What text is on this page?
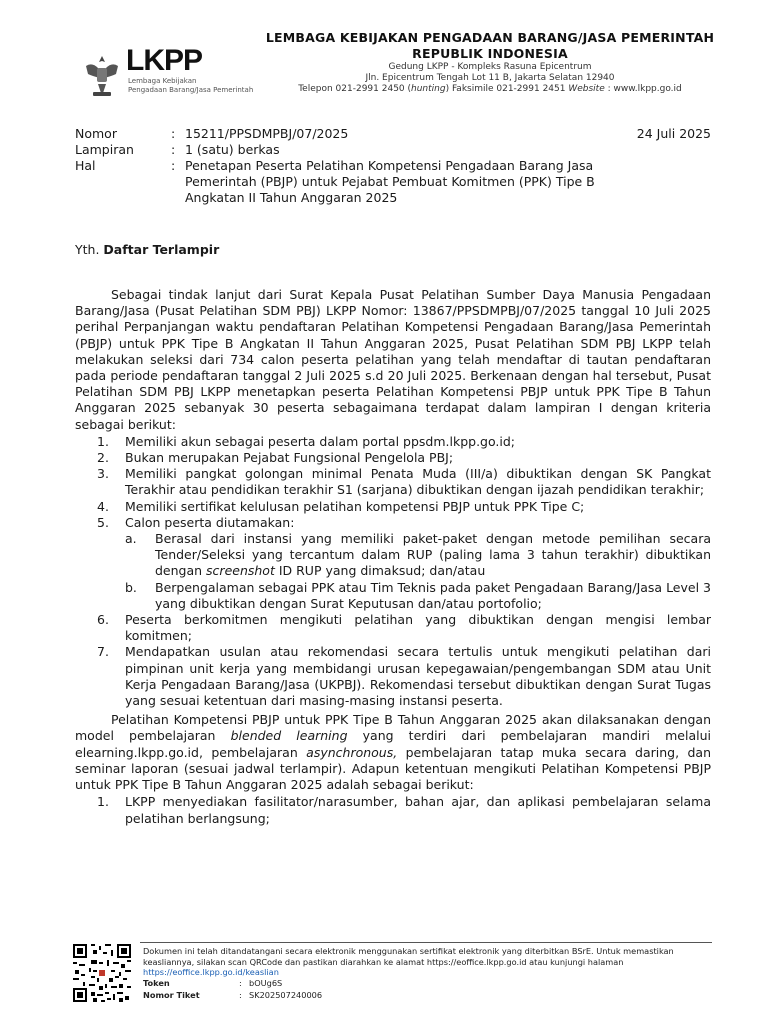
LKPP
Lembaga Kebijakan
Pengadaan Barang/Jasa Pemerintah
LEMBAGA KEBIJAKAN PENGADAAN BARANG/JASA PEMERINTAH
REPUBLIK INDONESIA
Gedung LKPP - Kompleks Rasuna Epicentrum
Jln. Epicentrum Tengah Lot 11 B, Jakarta Selatan 12940
Telepon 021-2991 2450 (hunting) Faksimile 021-2991 2451 Website : www.lkpp.go.id
Nomor	: 15211/PPSDMPBJ/07/2025	24 Juli 2025
Lampiran	: 1 (satu) berkas
Hal	: Penetapan Peserta Pelatihan Kompetensi Pengadaan Barang Jasa Pemerintah (PBJP) untuk Pejabat Pembuat Komitmen (PPK) Tipe B Angkatan II Tahun Anggaran 2025
Yth. Daftar Terlampir

Sebagai tindak lanjut dari Surat Kepala Pusat Pelatihan Sumber Daya Manusia Pengadaan Barang/Jasa (Pusat Pelatihan SDM PBJ) LKPP Nomor: 13867/PPSDMPBJ/07/2025 tanggal 10 Juli 2025 perihal Perpanjangan waktu pendaftaran Pelatihan Kompetensi Pengadaan Barang/Jasa Pemerintah (PBJP) untuk PPK Tipe B Angkatan II Tahun Anggaran 2025, Pusat Pelatihan SDM PBJ LKPP telah melakukan seleksi dari 734 calon peserta pelatihan yang telah mendaftar di tautan pendaftaran pada periode pendaftaran tanggal 2 Juli 2025 s.d 20 Juli 2025. Berkenaan dengan hal tersebut, Pusat Pelatihan SDM PBJ LKPP menetapkan peserta Pelatihan Kompetensi PBJP untuk PPK Tipe B Tahun Anggaran 2025 sebanyak 30 peserta sebagaimana terdapat dalam lampiran I dengan kriteria sebagai berikut:

1. Memiliki akun sebagai peserta dalam portal ppsdm.lkpp.go.id;
2. Bukan merupakan Pejabat Fungsional Pengelola PBJ;
3. Memiliki pangkat golongan minimal Penata Muda (III/a) dibuktikan dengan SK Pangkat Terakhir atau pendidikan terakhir S1 (sarjana) dibuktikan dengan ijazah pendidikan terakhir;
4. Memiliki sertifikat kelulusan pelatihan kompetensi PBJP untuk PPK Tipe C;
5. Calon peserta diutamakan:
a. Berasal dari instansi yang memiliki paket-paket dengan metode pemilihan secara Tender/Seleksi yang tercantum dalam RUP (paling lama 3 tahun terakhir) dibuktikan dengan screenshot ID RUP yang dimaksud; dan/atau
b. Berpengalaman sebagai PPK atau Tim Teknis pada paket Pengadaan Barang/Jasa Level 3 yang dibuktikan dengan Surat Keputusan dan/atau portofolio;
6. Peserta berkomitmen mengikuti pelatihan yang dibuktikan dengan mengisi lembar komitmen;
7. Mendapatkan usulan atau rekomendasi secara tertulis untuk mengikuti pelatihan dari pimpinan unit kerja yang membidangi urusan kepegawaian/pengembangan SDM atau Unit Kerja Pengadaan Barang/Jasa (UKPBJ). Rekomendasi tersebut dibuktikan dengan Surat Tugas yang sesuai ketentuan dari masing-masing instansi peserta.

Pelatihan Kompetensi PBJP untuk PPK Tipe B Tahun Anggaran 2025 akan dilaksanakan dengan model pembelajaran blended learning yang terdiri dari pembelajaran mandiri melalui elearning.lkpp.go.id, pembelajaran asynchronous, pembelajaran tatap muka secara daring, dan seminar laporan (sesuai jadwal terlampir). Adapun ketentuan mengikuti Pelatihan Kompetensi PBJP untuk PPK Tipe B Tahun Anggaran 2025 adalah sebagai berikut:

1. LKPP menyediakan fasilitator/narasumber, bahan ajar, dan aplikasi pembelajaran selama pelatihan berlangsung;
Dokumen ini telah ditandatangani secara elektronik menggunakan sertifikat elektronik yang diterbitkan BSrE. Untuk memastikan keasliannya, silakan scan QRCode dan pastikan diarahkan ke alamat https://eoffice.lkpp.go.id atau kunjungi halaman
https://eoffice.lkpp.go.id/keaslian
Token	: bOUg6S
Nomor Tiket	: SK202507240006
